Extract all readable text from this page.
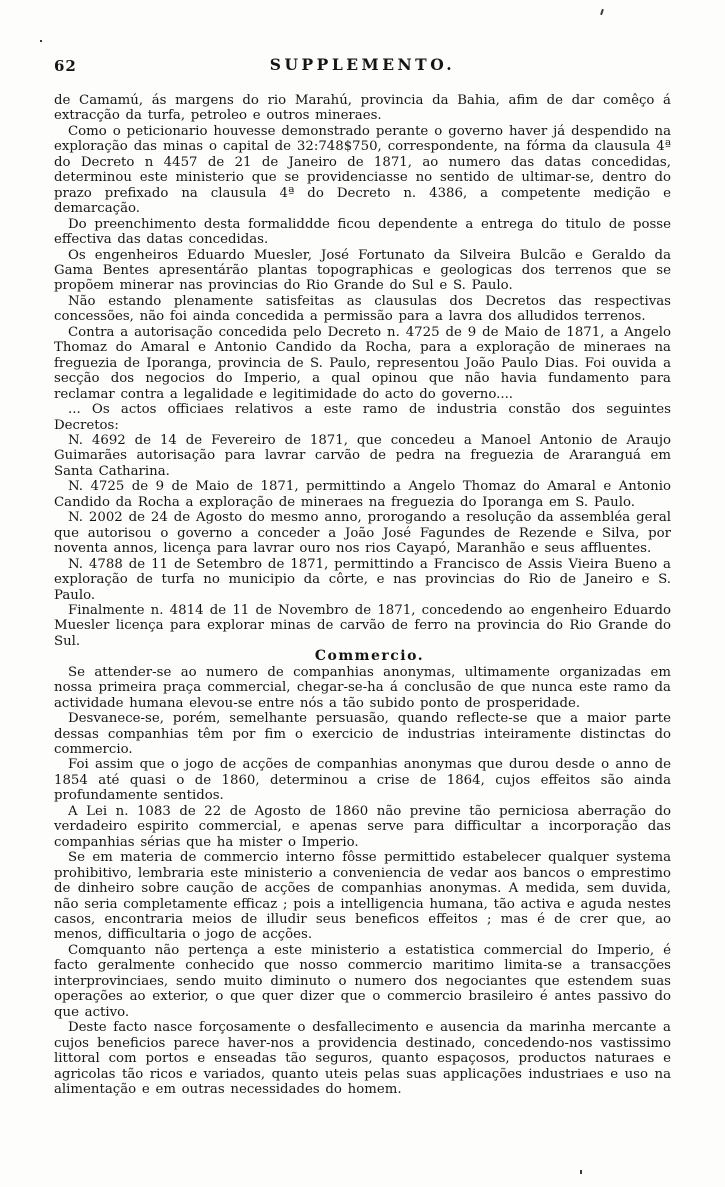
62	SUPPLEMENTO.

de Camamú, ás margens do rio Marahú, provincia da Bahia, afim de dar comêço á extracção da turfa, petroleo e outros mineraes.

Como o peticionario houvesse demonstrado perante o governo haver já despendido na exploração das minas o capital de 32:748$750, correspondente, na fórma da clausula 4ª do Decreto n 4457 de 21 de Janeiro de 1871, ao numero das datas concedidas, determinou este ministerio que se providenciasse no sentido de ultimar-se, dentro do prazo prefixado na clausula 4ª do Decreto n. 4386, a competente medição e demarcação.

Do preenchimento desta formaliddde ficou dependente a entrega do titulo de posse effectiva das datas concedidas.

Os engenheiros Eduardo Muesler, José Fortunato da Silveira Bulcão e Geraldo da Gama Bentes apresentárão plantas topographicas e geologicas dos terrenos que se propõem minerar nas provincias do Rio Grande do Sul e S. Paulo.

Não estando plenamente satisfeitas as clausulas dos Decretos das respectivas concessões, não foi ainda concedida a permissão para a lavra dos alludidos terrenos.

Contra a autorisação concedida pelo Decreto n. 4725 de 9 de Maio de 1871, a Angelo Thomaz do Amaral e Antonio Candido da Rocha, para a exploração de mineraes na freguezia de Iporanga, provincia de S. Paulo, representou João Paulo Dias. Foi ouvida a secção dos negocios do Imperio, a qual opinou que não havia fundamento para reclamar contra a legalidade e legitimidade do acto do governo....

... Os actos officiaes relativos a este ramo de industria constão dos seguintes Decretos:

N. 4692 de 14 de Fevereiro de 1871, que concedeu a Manoel Antonio de Araujo Guimarães autorisação para lavrar carvão de pedra na freguezia de Araranguá em Santa Catharina.

N. 4725 de 9 de Maio de 1871, permittindo a Angelo Thomaz do Amaral e Antonio Candido da Rocha a exploração de mineraes na freguezia do Iporanga em S. Paulo.

N. 2002 de 24 de Agosto do mesmo anno, prorogando a resolução da assembléa geral que autorisou o governo a conceder a João José Fagundes de Rezende e Silva, por noventa annos, licença para lavrar ouro nos rios Cayapó, Maranhão e seus affluentes.

N. 4788 de 11 de Setembro de 1871, permittindo a Francisco de Assis Vieira Bueno a exploração de turfa no municipio da côrte, e nas provincias do Rio de Janeiro e S. Paulo.

Finalmente n. 4814 de 11 de Novembro de 1871, concedendo ao engenheiro Eduardo Muesler licença para explorar minas de carvão de ferro na provincia do Rio Grande do Sul.

Commercio.

Se attender-se ao numero de companhias anonymas, ultimamente organizadas em nossa primeira praça commercial, chegar-se-ha á conclusão de que nunca este ramo da actividade humana elevou-se entre nós a tão subido ponto de prosperidade.

Desvanece-se, porém, semelhante persuasão, quando reflecte-se que a maior parte dessas companhias têm por fim o exercicio de industrias inteiramente distinctas do commercio.

Foi assim que o jogo de acções de companhias anonymas que durou desde o anno de 1854 até quasi o de 1860, determinou a crise de 1864, cujos effeitos são ainda profundamente sentidos.

A Lei n. 1083 de 22 de Agosto de 1860 não previne tão perniciosa aberração do verdadeiro espirito commercial, e apenas serve para difficultar a incorporação das companhias sérias que ha mister o Imperio.

Se em materia de commercio interno fôsse permittido estabelecer qualquer systema prohibitivo, lembraria este ministerio a conveniencia de vedar aos bancos o emprestimo de dinheiro sobre caução de acções de companhias anonymas. A medida, sem duvida, não seria completamente efficaz ; pois a intelligencia humana, tão activa e aguda nestes casos, encontraria meios de illudir seus beneficos effeitos ; mas é de crer que, ao menos, difficultaria o jogo de acções.

Comquanto não pertença a este ministerio a estatistica commercial do Imperio, é facto geralmente conhecido que nosso commercio maritimo limita-se a transacções interprovinciaes, sendo muito diminuto o numero dos negociantes que estendem suas operações ao exterior, o que quer dizer que o commercio brasileiro é antes passivo do que activo.

Deste facto nasce forçosamente o desfallecimento e ausencia da marinha mercante a cujos beneficios parece haver-nos a providencia destinado, concedendo-nos vastissimo littoral com portos e enseadas tão seguros, quanto espaçosos, productos naturaes e agricolas tão ricos e variados, quanto uteis pelas suas applicações industriaes e uso na alimentação e em outras necessidades do homem.
